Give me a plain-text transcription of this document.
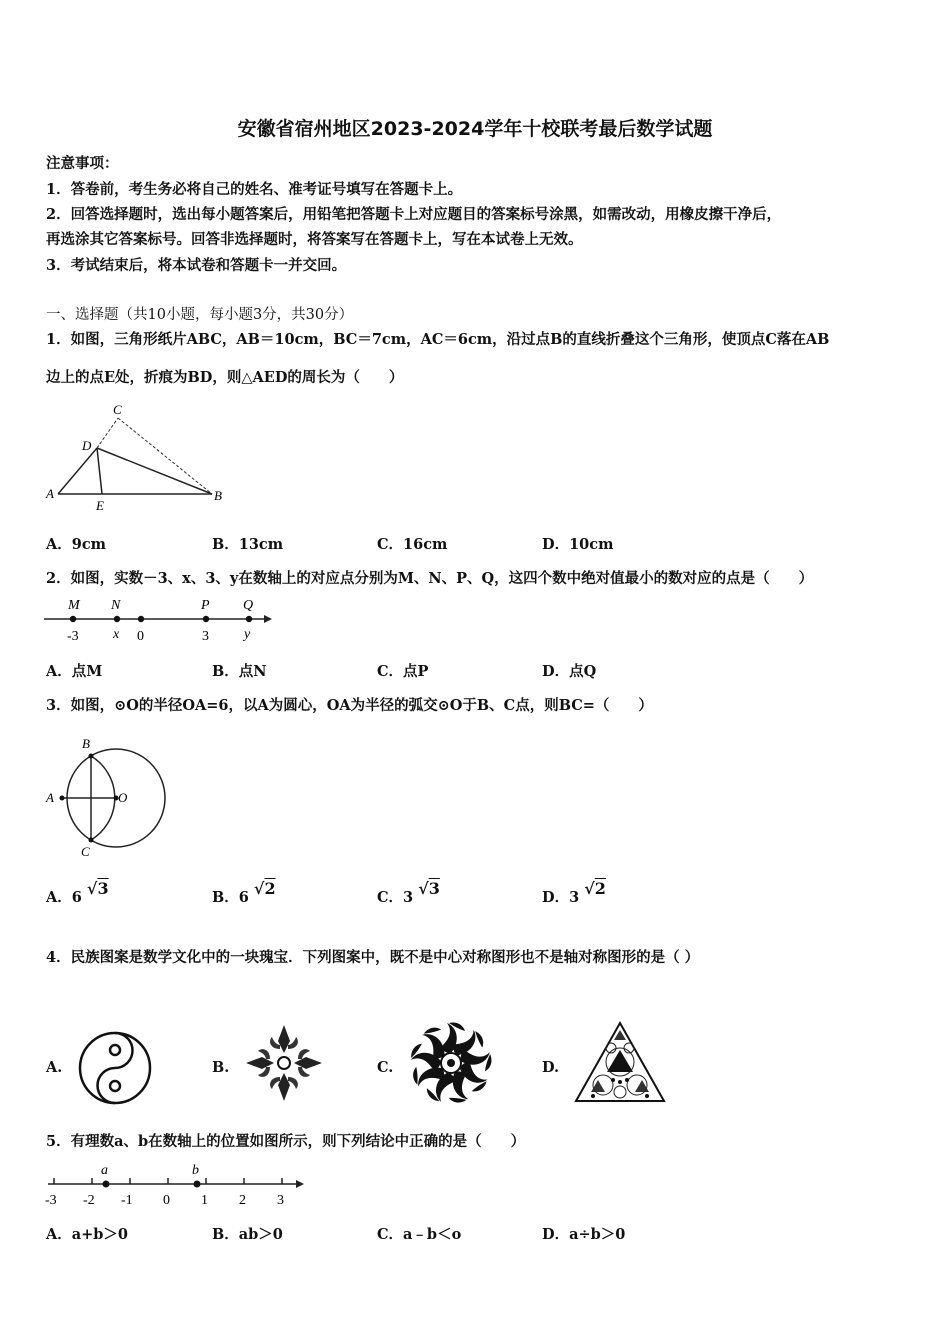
安徽省宿州地区2023-2024学年十校联考最后数学试题
注意事项：
1．答卷前，考生务必将自己的姓名、准考证号填写在答题卡上。
2．回答选择题时，选出每小题答案后，用铅笔把答题卡上对应题目的答案标号涂黑，如需改动，用橡皮擦干净后，
再选涂其它答案标号。回答非选择题时，将答案写在答题卡上，写在本试卷上无效。
3．考试结束后，将本试卷和答题卡一并交回。
一、选择题（共10小题，每小题3分，共30分）
1．如图，三角形纸片ABC，AB＝10cm，BC＝7cm，AC＝6cm，沿过点B的直线折叠这个三角形，使顶点C落在AB
边上的点E处，折痕为BD，则△AED的周长为（　　）
C
D
A
E
B
A．9cm	B．13cm	C．16cm	D．10cm
2．如图，实数－3、x、3、y在数轴上的对应点分别为M、N、P、Q，这四个数中绝对值最小的数对应的点是（　　）
M N	P Q
-3 x 0	3	y
A．点M	B．点N	C．点P	D．点Q
3．如图，⊙O的半径OA=6，以A为圆心，OA为半径的弧交⊙O于B、C点，则BC=（　　）
B
A	O
C
A．6 √3	B．6 √2	C．3 √3	D．3 √2
4．民族图案是数学文化中的一块瑰宝．下列图案中，既不是中心对称图形也不是轴对称图形的是（ ）
A.	B.	C.	D.
5．有理数a、b在数轴上的位置如图所示，则下列结论中正确的是（　　）
a	b
-3 -2 -1 0 1 2 3
A．a+b＞0	B．ab＞0	C．a﹣b＜o	D．a÷b＞0
